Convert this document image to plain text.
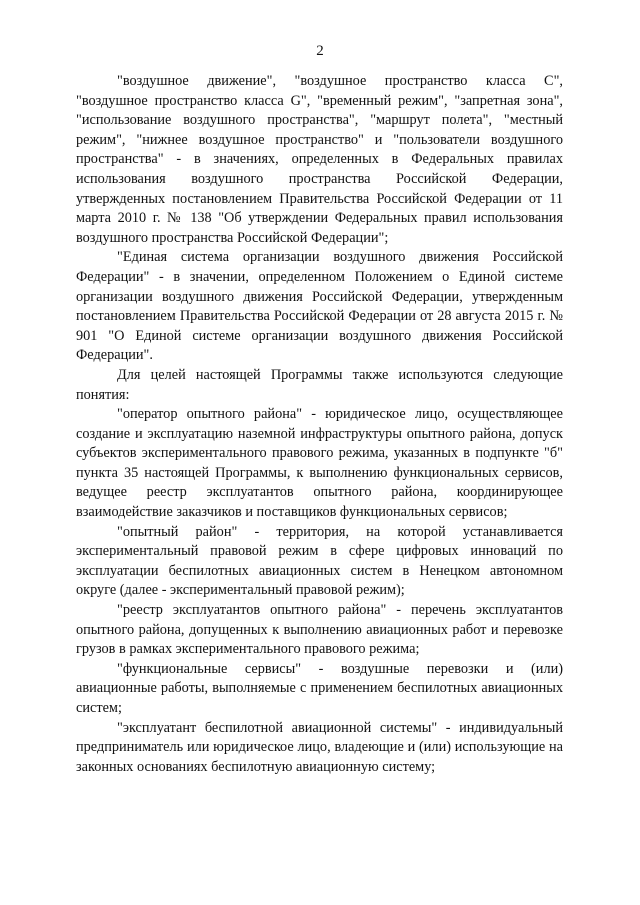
2

"воздушное движение", "воздушное пространство класса C", "воздушное пространство класса G", "временный режим", "запретная зона", "использование воздушного пространства", "маршрут полета", "местный режим", "нижнее воздушное пространство" и "пользователи воздушного пространства" - в значениях, определенных в Федеральных правилах использования воздушного пространства Российской Федерации, утвержденных постановлением Правительства Российской Федерации от 11 марта 2010 г. № 138 "Об утверждении Федеральных правил использования воздушного пространства Российской Федерации";

"Единая система организации воздушного движения Российской Федерации" - в значении, определенном Положением о Единой системе организации воздушного движения Российской Федерации, утвержденным постановлением Правительства Российской Федерации от 28 августа 2015 г. № 901 "О Единой системе организации воздушного движения Российской Федерации".

Для целей настоящей Программы также используются следующие понятия:

"оператор опытного района" - юридическое лицо, осуществляющее создание и эксплуатацию наземной инфраструктуры опытного района, допуск субъектов экспериментального правового режима, указанных в подпункте "б" пункта 35 настоящей Программы, к выполнению функциональных сервисов, ведущее реестр эксплуатантов опытного района, координирующее взаимодействие заказчиков и поставщиков функциональных сервисов;

"опытный район" - территория, на которой устанавливается экспериментальный правовой режим в сфере цифровых инноваций по эксплуатации беспилотных авиационных систем в Ненецком автономном округе (далее - экспериментальный правовой режим);

"реестр эксплуатантов опытного района" - перечень эксплуатантов опытного района, допущенных к выполнению авиационных работ и перевозке грузов в рамках экспериментального правового режима;

"функциональные сервисы" - воздушные перевозки и (или) авиационные работы, выполняемые с применением беспилотных авиационных систем;

"эксплуатант беспилотной авиационной системы" - индивидуальный предприниматель или юридическое лицо, владеющие и (или) использующие на законных основаниях беспилотную авиационную систему;
